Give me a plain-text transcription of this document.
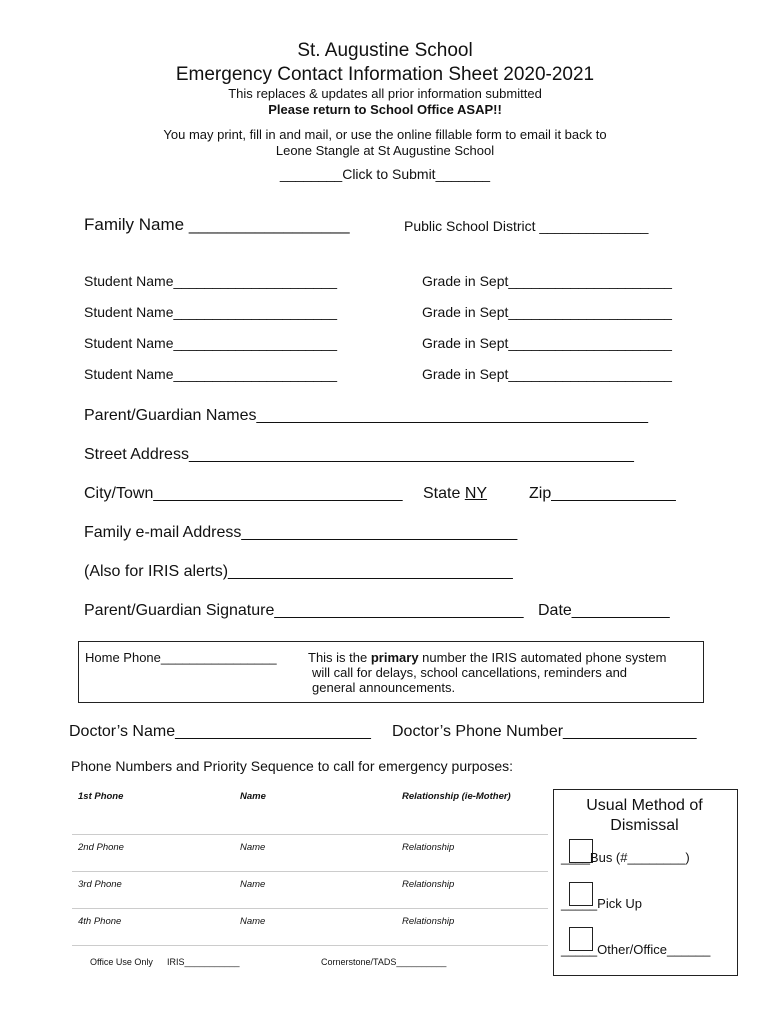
St. Augustine School
Emergency Contact Information Sheet 2020-2021
This replaces & updates all prior information submitted
Please return to School Office ASAP!!
You may print, fill in and mail, or use the online fillable form to email it back to
Leone Stangle at St Augustine School
________Click to Submit_______
Family Name _________________	Public School District ______________
Student Name_____________________	Grade in Sept_____________________
Student Name_____________________	Grade in Sept_____________________
Student Name_____________________	Grade in Sept_____________________
Student Name_____________________	Grade in Sept_____________________
Parent/Guardian Names____________________________________________
Street Address__________________________________________________
City/Town____________________________ State NY	Zip______________
Family e-mail Address_______________________________
(Also for IRIS alerts)________________________________
Parent/Guardian Signature____________________________ Date___________
Home Phone________________ This is the primary number the IRIS automated phone system
will call for delays, school cancellations, reminders and
general announcements.
Doctor’s Name______________________ Doctor’s Phone Number_______________
Phone Numbers and Priority Sequence to call for emergency purposes:
1st Phone	Name	Relationship (ie-Mother)
2nd Phone	Name	Relationship
3rd Phone	Name	Relationship
4th Phone	Name	Relationship
Usual Method of
Dismissal
____Bus (#________)
_____Pick Up
_____Other/Office______
Office Use Only IRIS___________	Cornerstone/TADS__________
